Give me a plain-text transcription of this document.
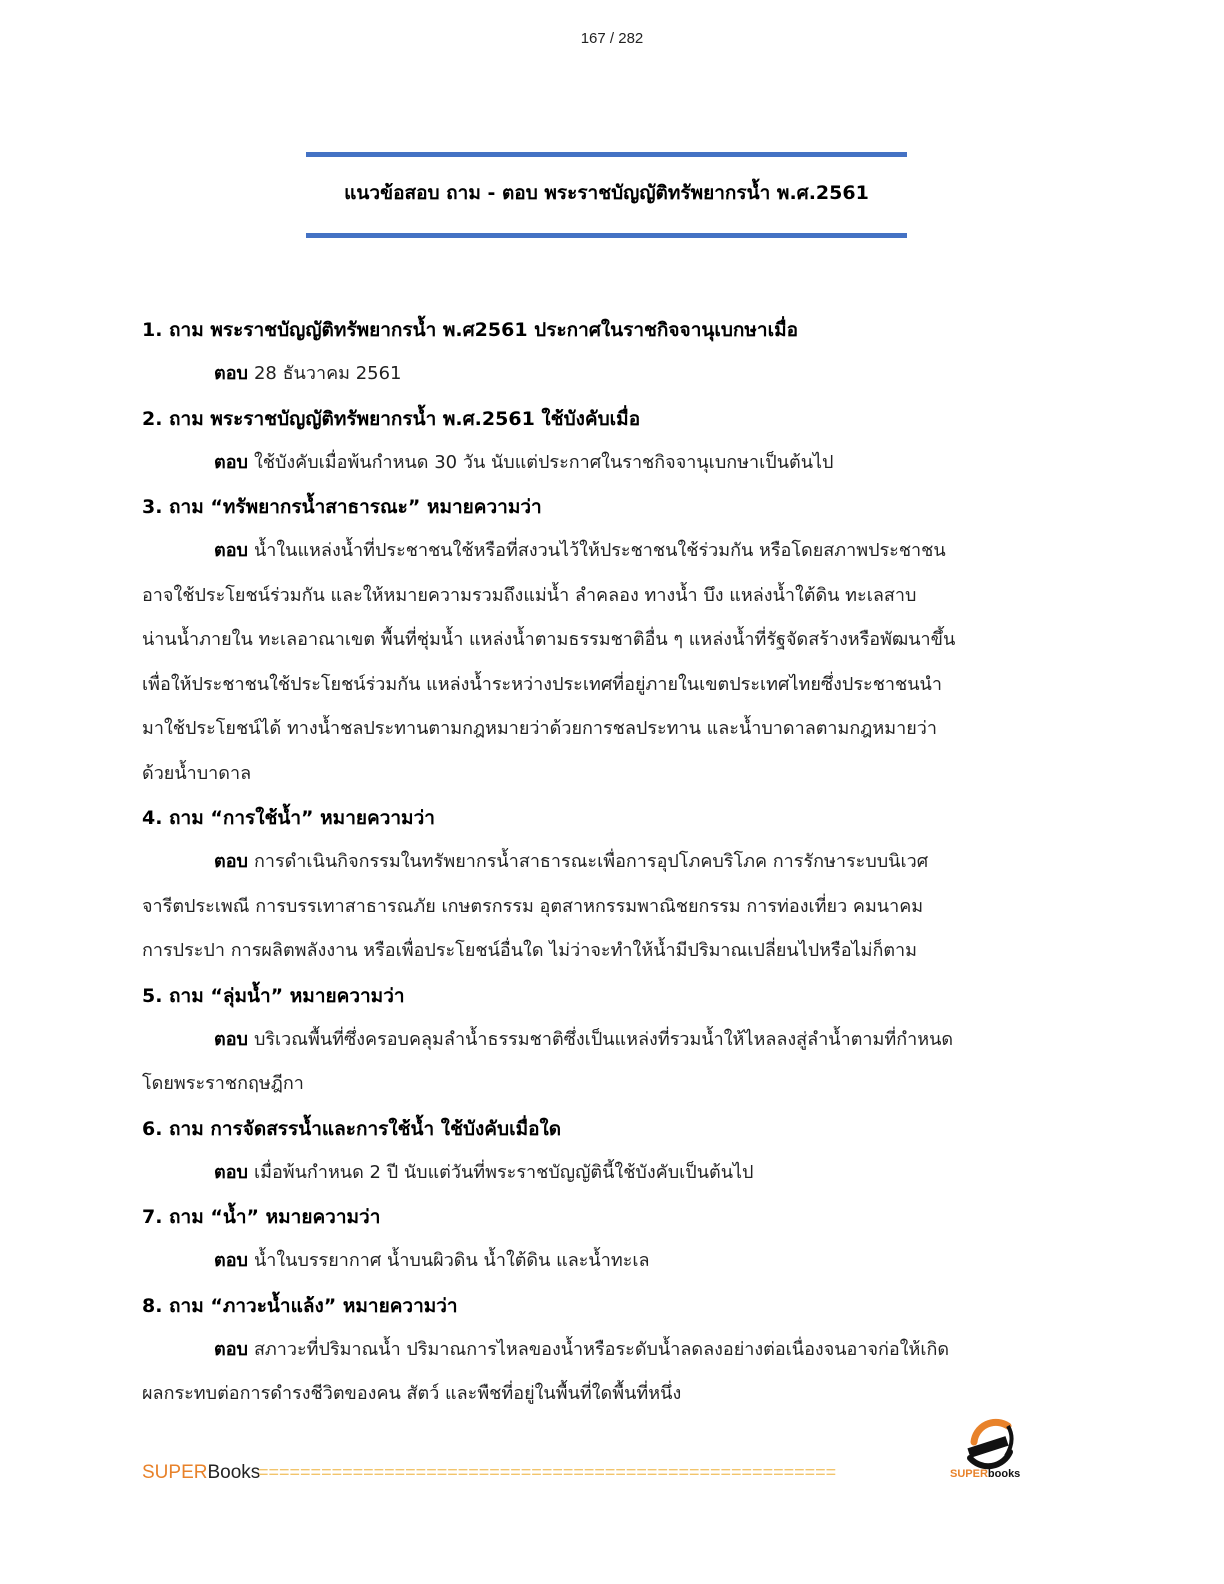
167 / 282
แนวข้อสอบ ถาม - ตอบ พระราชบัญญัติทรัพยากรน้ำ พ.ศ.2561
1. ถาม พระราชบัญญัติทรัพยากรน้ำ พ.ศ2561 ประกาศในราชกิจจานุเบกษาเมื่อ
ตอบ 28 ธันวาคม 2561
2. ถาม พระราชบัญญัติทรัพยากรน้ำ พ.ศ.2561 ใช้บังคับเมื่อ
ตอบ ใช้บังคับเมื่อพ้นกำหนด 30 วัน นับแต่ประกาศในราชกิจจานุเบกษาเป็นต้นไป
3. ถาม “ทรัพยากรน้ำสาธารณะ” หมายความว่า
ตอบ น้ำในแหล่งน้ำที่ประชาชนใช้หรือที่สงวนไว้ให้ประชาชนใช้ร่วมกัน หรือโดยสภาพประชาชน
อาจใช้ประโยชน์ร่วมกัน และให้หมายความรวมถึงแม่น้ำ ลำคลอง ทางน้ำ บึง แหล่งน้ำใต้ดิน ทะเลสาบ
น่านน้ำภายใน ทะเลอาณาเขต พื้นที่ชุ่มน้ำ แหล่งน้ำตามธรรมชาติอื่น ๆ แหล่งน้ำที่รัฐจัดสร้างหรือพัฒนาขึ้น
เพื่อให้ประชาชนใช้ประโยชน์ร่วมกัน แหล่งน้ำระหว่างประเทศที่อยู่ภายในเขตประเทศไทยซึ่งประชาชนนำ
มาใช้ประโยชน์ได้ ทางน้ำชลประทานตามกฎหมายว่าด้วยการชลประทาน และน้ำบาดาลตามกฎหมายว่า
ด้วยน้ำบาดาล
4. ถาม “การใช้น้ำ” หมายความว่า
ตอบ การดำเนินกิจกรรมในทรัพยากรน้ำสาธารณะเพื่อการอุปโภคบริโภค การรักษาระบบนิเวศ
จารีตประเพณี การบรรเทาสาธารณภัย เกษตรกรรม อุตสาหกรรมพาณิชยกรรม การท่องเที่ยว คมนาคม
การประปา การผลิตพลังงาน หรือเพื่อประโยชน์อื่นใด ไม่ว่าจะทำให้น้ำมีปริมาณเปลี่ยนไปหรือไม่ก็ตาม
5. ถาม “ลุ่มน้ำ” หมายความว่า
ตอบ บริเวณพื้นที่ซึ่งครอบคลุมลำน้ำธรรมชาติซึ่งเป็นแหล่งที่รวมน้ำให้ไหลลงสู่ลำน้ำตามที่กำหนด
โดยพระราชกฤษฎีกา
6. ถาม การจัดสรรน้ำและการใช้น้ำ ใช้บังคับเมื่อใด
ตอบ เมื่อพ้นกำหนด 2 ปี นับแต่วันที่พระราชบัญญัตินี้ใช้บังคับเป็นต้นไป
7. ถาม “น้ำ” หมายความว่า
ตอบ น้ำในบรรยากาศ น้ำบนผิวดิน น้ำใต้ดิน และน้ำทะเล
8. ถาม “ภาวะน้ำแล้ง” หมายความว่า
ตอบ สภาวะที่ปริมาณน้ำ ปริมาณการไหลของน้ำหรือระดับน้ำลดลงอย่างต่อเนื่องจนอาจก่อให้เกิด
ผลกระทบต่อการดำรงชีวิตของคน สัตว์ และพืชที่อยู่ในพื้นที่ใดพื้นที่หนึ่ง
SUPERBooks
=======================================================	SUPERbooks
